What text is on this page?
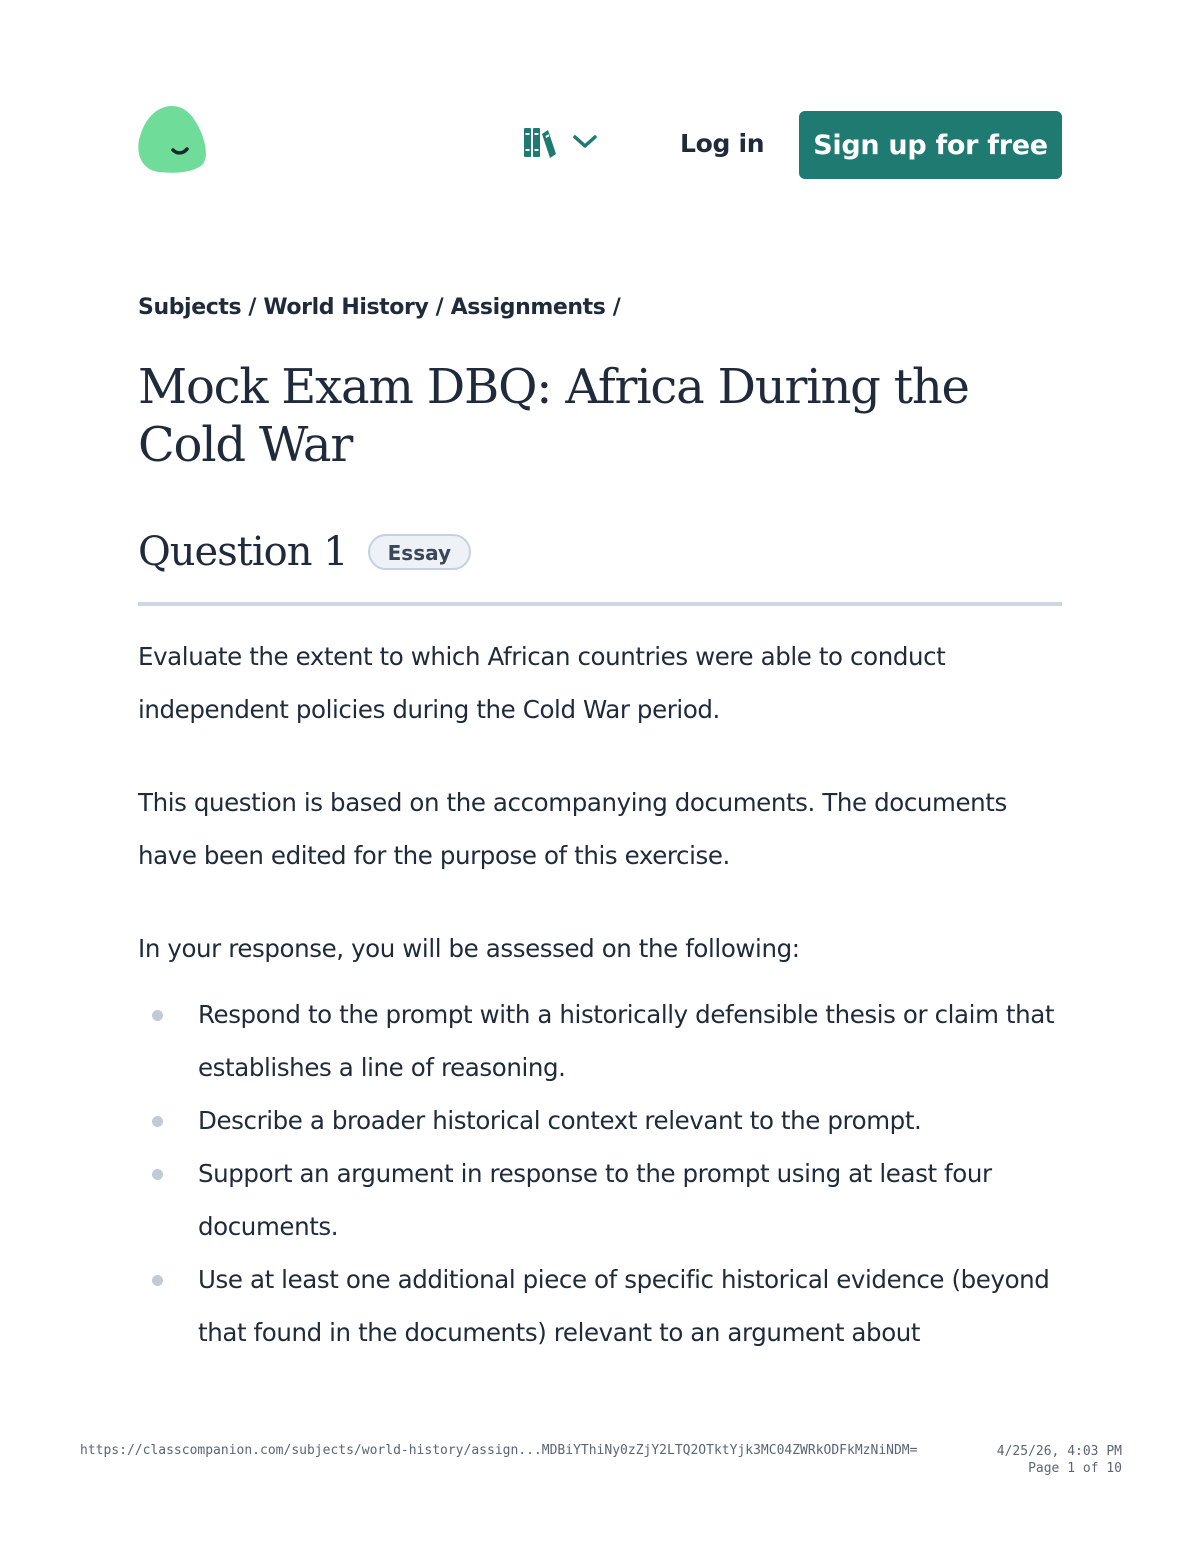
Log in	Sign up for free
Subjects / World History / Assignments /
Mock Exam DBQ: Africa During the Cold War
Question 1	Essay

Evaluate the extent to which African countries were able to conduct independent policies during the Cold War period.

This question is based on the accompanying documents. The documents have been edited for the purpose of this exercise.

In your response, you will be assessed on the following:

Respond to the prompt with a historically defensible thesis or claim that establishes a line of reasoning.
Describe a broader historical context relevant to the prompt.
Support an argument in response to the prompt using at least four documents.
Use at least one additional piece of specific historical evidence (beyond that found in the documents) relevant to an argument about
https://classcompanion.com/subjects/world-history/assign...MDBiYThiNy0zZjY2LTQ2OTktYjk3MC04ZWRkODFkMzNiNDM=	4/25/26, 4:03 PM
Page 1 of 10
